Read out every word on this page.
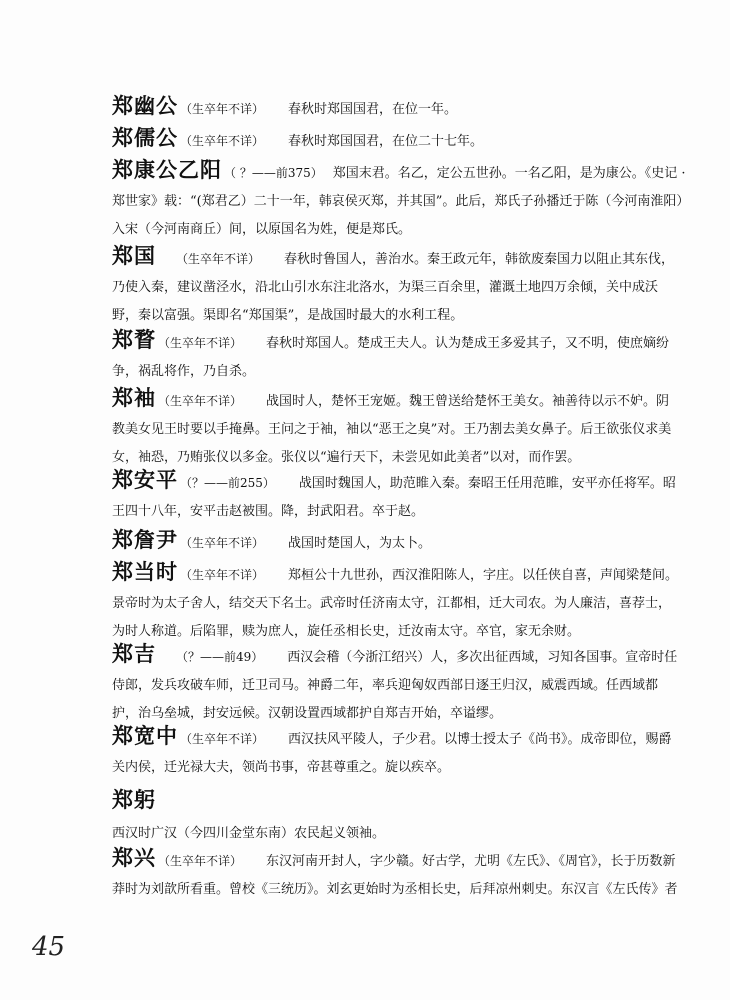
郑幽公 （生卒年不详） 春秋时郑国国君，在位一年。
郑儒公 （生卒年不详） 春秋时郑国国君，在位二十七年。
郑康公乙阳 （ ？——前375） 郑国末君。名乙，定公五世孙。一名乙阳，是为康公。《史记 ·郑世家》载：“(郑君乙）二十一年，韩哀侯灭郑，并其国”。此后，郑氏子孙播迁于陈（今河南淮阳）入宋（今河南商丘）间，以原国名为姓，便是郑氏。
郑国 （生卒年不详） 春秋时鲁国人，善治水。秦王政元年，韩欲废秦国力以阻止其东伐，乃使入秦，建议凿泾水，沿北山引水东注北洛水，为渠三百余里，灌溉土地四万余倾，关中成沃野，秦以富强。渠即名“郑国渠”，是战国时最大的水利工程。
郑瞀 （生卒年不详） 春秋时郑国人。楚成王夫人。认为楚成王多爱其子，又不明，使庶嫡纷争，祸乱将作，乃自杀。
郑袖 （生卒年不详） 战国时人，楚怀王宠姬。魏王曾送给楚怀王美女。袖善待以示不妒。阴教美女见王时要以手掩鼻。王问之于袖，袖以“恶王之臭”对。王乃割去美女鼻子。后王欲张仪求美女，袖恐，乃贿张仪以多金。张仪以“遍行天下，未尝见如此美者”以对，而作罢。
郑安平 （？——前255） 战国时魏国人，助范睢入秦。秦昭王任用范睢，安平亦任将军。昭王四十八年，安平击赵被围。降，封武阳君。卒于赵。
郑詹尹 （生卒年不详） 战国时楚国人，为太卜。
郑当时 （生卒年不详） 郑桓公十九世孙，西汉淮阳陈人，字庄。以任侠自喜，声闻梁楚间。景帝时为太子舍人，结交天下名士。武帝时任济南太守，江都相，迁大司农。为人廉洁，喜荐士，为时人称道。后陷罪，赎为庶人，旋任丞相长史，迁汝南太守。卒官，家无余财。
郑吉 （？——前49） 西汉会稽（今浙江绍兴）人，多次出征西域，习知各国事。宣帝时任侍郎，发兵攻破车师，迁卫司马。神爵二年，率兵迎匈奴西部日逐王归汉，威震西域。任西域都护，治乌垒城，封安远候。汉朝设置西域都护自郑吉开始，卒谥缪。
郑宽中 （生卒年不详） 西汉扶风平陵人，子少君。以博士授太子《尚书》。成帝即位，赐爵关内侯，迁光禄大夫，领尚书事，帝甚尊重之。旋以疾卒。
郑躬
西汉时广汉（今四川金堂东南）农民起义领袖。
郑兴 （生卒年不详） 东汉河南开封人，字少赣。好古学，尤明《左氏》、《周官》，长于历数新莽时为刘歆所看重。曾校《三统历》。刘玄更始时为丞相长史，后拜凉州刺史。东汉言《左氏传》者
45
